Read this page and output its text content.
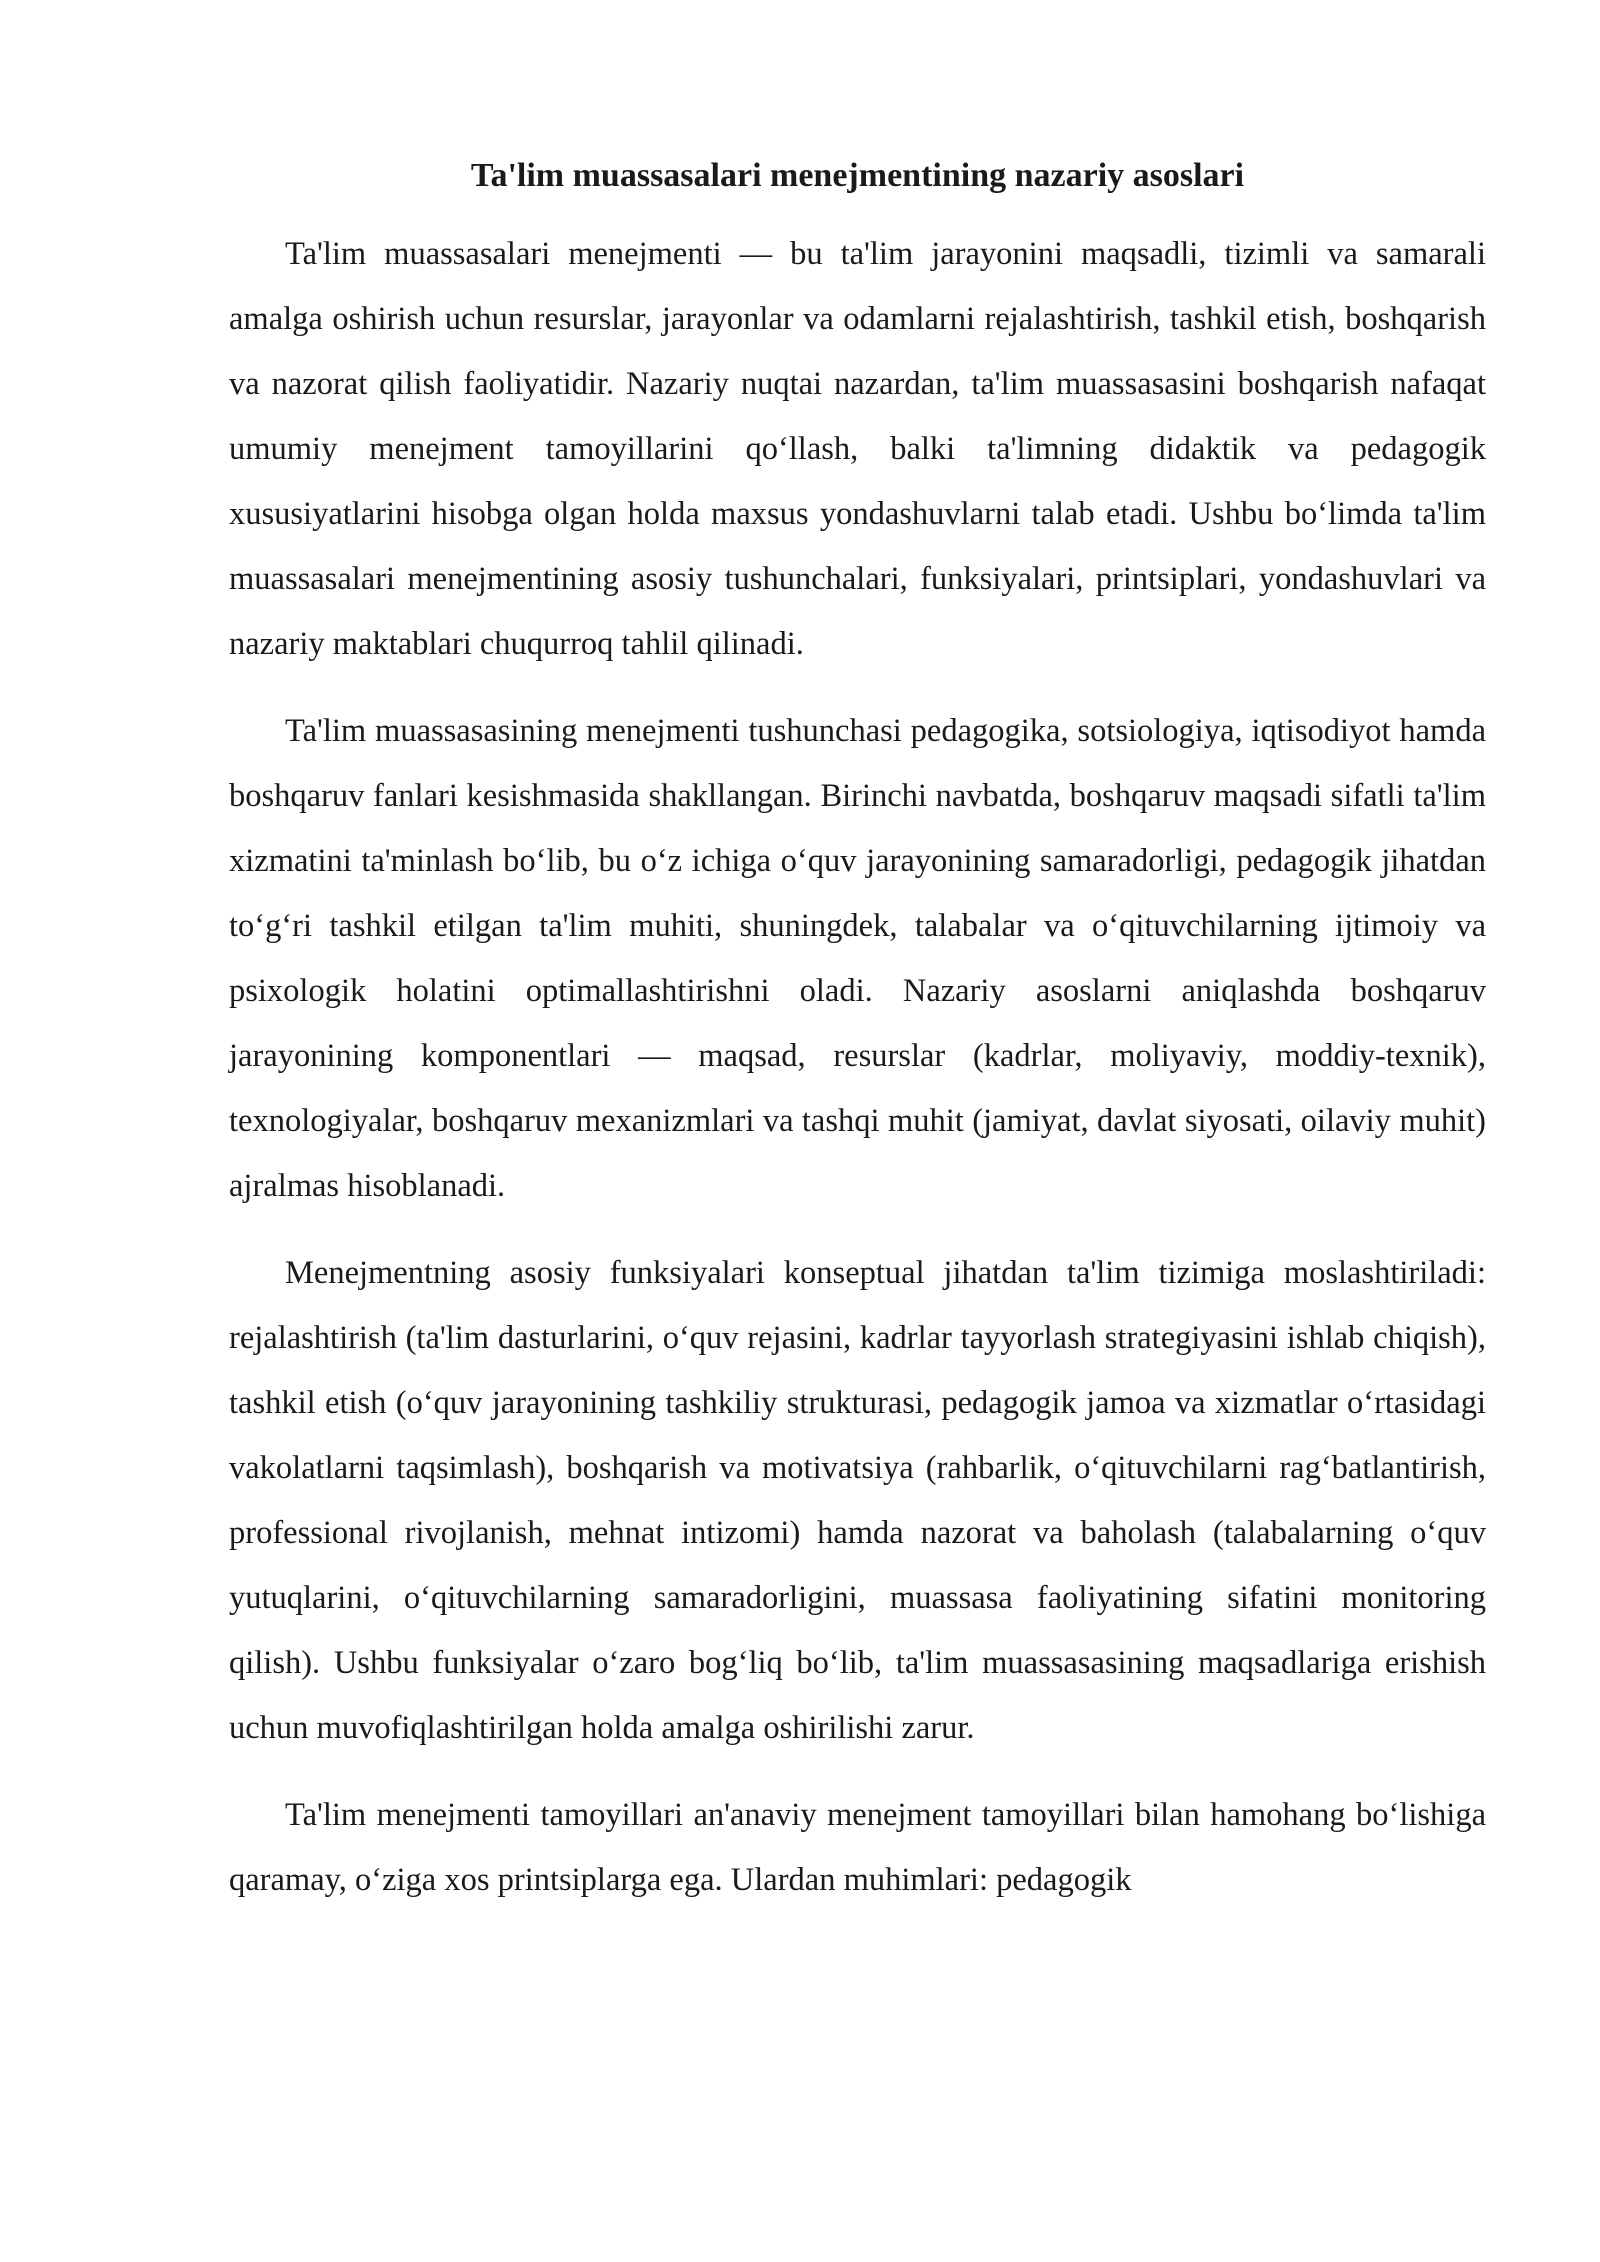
Ta'lim muassasalari menejmentining nazariy asoslari

Ta'lim muassasalari menejmenti — bu ta'lim jarayonini maqsadli, tizimli va samarali amalga oshirish uchun resurslar, jarayonlar va odamlarni rejalashtirish, tashkil etish, boshqarish va nazorat qilish faoliyatidir. Nazariy nuqtai nazardan, ta'lim muassasasini boshqarish nafaqat umumiy menejment tamoyillarini qoʻllash, balki ta'limning didaktik va pedagogik xususiyatlarini hisobga olgan holda maxsus yondashuvlarni talab etadi. Ushbu boʻlimda ta'lim muassasalari menejmentining asosiy tushunchalari, funksiyalari, printsiplari, yondashuvlari va nazariy maktablari chuqurroq tahlil qilinadi.

Ta'lim muassasasining menejmenti tushunchasi pedagogika, sotsiologiya, iqtisodiyot hamda boshqaruv fanlari kesishmasida shakllangan. Birinchi navbatda, boshqaruv maqsadi sifatli ta'lim xizmatini ta'minlash boʻlib, bu oʻz ichiga oʻquv jarayonining samaradorligi, pedagogik jihatdan toʻgʻri tashkil etilgan ta'lim muhiti, shuningdek, talabalar va oʻqituvchilarning ijtimoiy va psixologik holatini optimallashtirishni oladi. Nazariy asoslarni aniqlashda boshqaruv jarayonining komponentlari — maqsad, resurslar (kadrlar, moliyaviy, moddiy-texnik), texnologiyalar, boshqaruv mexanizmlari va tashqi muhit (jamiyat, davlat siyosati, oilaviy muhit) ajralmas hisoblanadi.

Menejmentning asosiy funksiyalari konseptual jihatdan ta'lim tizimiga moslashtiriladi: rejalashtirish (ta'lim dasturlarini, oʻquv rejasini, kadrlar tayyorlash strategiyasini ishlab chiqish), tashkil etish (oʻquv jarayonining tashkiliy strukturasi, pedagogik jamoa va xizmatlar oʻrtasidagi vakolatlarni taqsimlash), boshqarish va motivatsiya (rahbarlik, oʻqituvchilarni ragʻbatlantirish, professional rivojlanish, mehnat intizomi) hamda nazorat va baholash (talabalarning oʻquv yutuqlarini, oʻqituvchilarning samaradorligini, muassasa faoliyatining sifatini monitoring qilish). Ushbu funksiyalar oʻzaro bogʻliq boʻlib, ta'lim muassasasining maqsadlariga erishish uchun muvofiqlashtirilgan holda amalga oshirilishi zarur.

Ta'lim menejmenti tamoyillari an'anaviy menejment tamoyillari bilan hamohang boʻlishiga qaramay, oʻziga xos printsiplarga ega. Ulardan muhimlari: pedagogik
